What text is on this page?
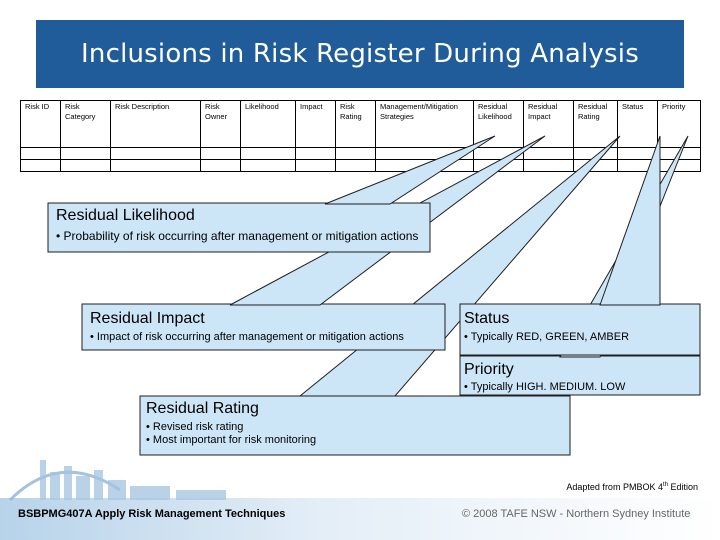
Inclusions in Risk Register During Analysis
Risk ID	Risk Category	Risk Description	Risk Owner	Likelihood	Impact	Risk Rating	Management/Mitigation Strategies	Residual Likelihood	Residual Impact	Residual Rating	Status	Priority

Residual Likelihood
• Probability of risk occurring after management or mitigation actions
Residual Impact
• Impact of risk occurring after management or mitigation actions
Status
• Typically RED, GREEN, AMBER
Priority
• Typically HIGH. MEDIUM. LOW
Residual Rating
• Revised risk rating
• Most important for risk monitoring
Adapted from PMBOK 4th Edition
BSBPMG407A Apply Risk Management Techniques	© 2008 TAFE NSW - Northern Sydney Institute
